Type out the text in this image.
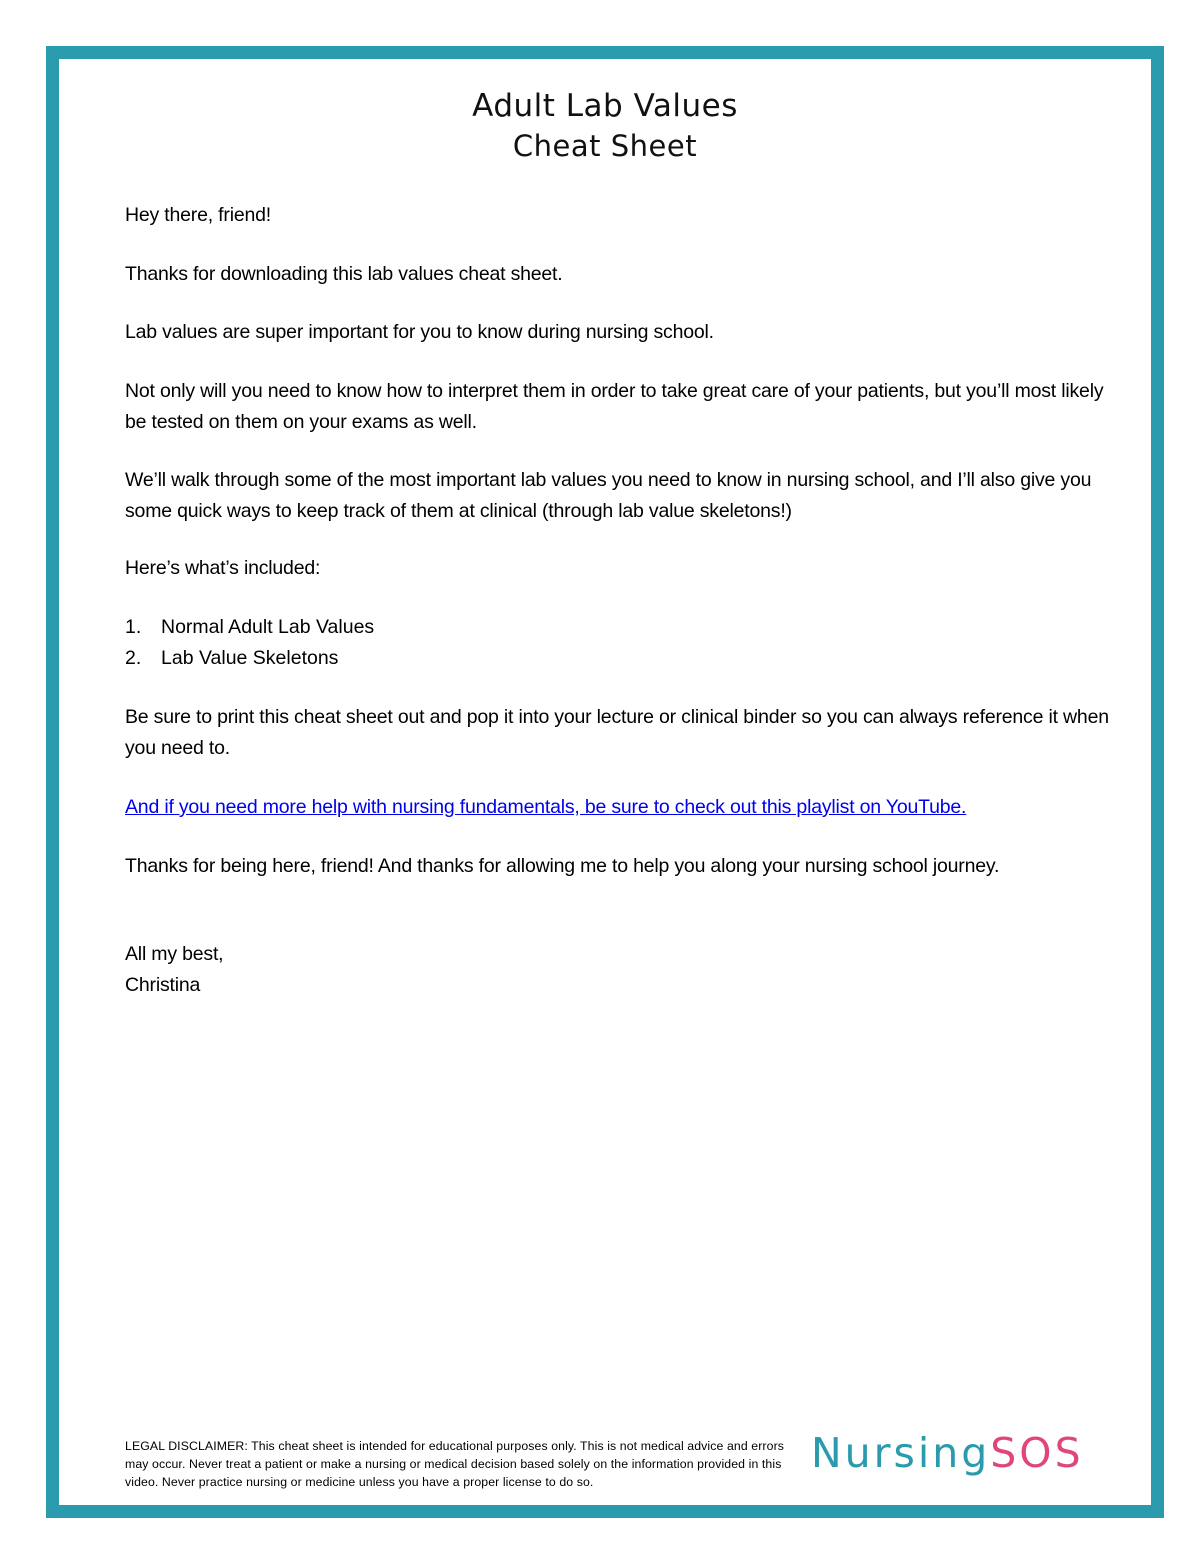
Adult Lab Values
Cheat Sheet

Hey there, friend!

Thanks for downloading this lab values cheat sheet.

Lab values are super important for you to know during nursing school.

Not only will you need to know how to interpret them in order to take great care of your patients, but you’ll most likely be tested on them on your exams as well.

We’ll walk through some of the most important lab values you need to know in nursing school, and I’ll also give you some quick ways to keep track of them at clinical (through lab value skeletons!)

Here’s what’s included:

1.	Normal Adult Lab Values
2.	Lab Value Skeletons

Be sure to print this cheat sheet out and pop it into your lecture or clinical binder so you can always reference it when you need to.

And if you need more help with nursing fundamentals, be sure to check out this playlist on YouTube.

Thanks for being here, friend! And thanks for allowing me to help you along your nursing school journey.

All my best,

Christina

LEGAL DISCLAIMER: This cheat sheet is intended for educational purposes only. This is not medical advice and errors may occur. Never treat a patient or make a nursing or medical decision based solely on the information provided in this video. Never practice nursing or medicine unless you have a proper license to do so.

NursingSOS
